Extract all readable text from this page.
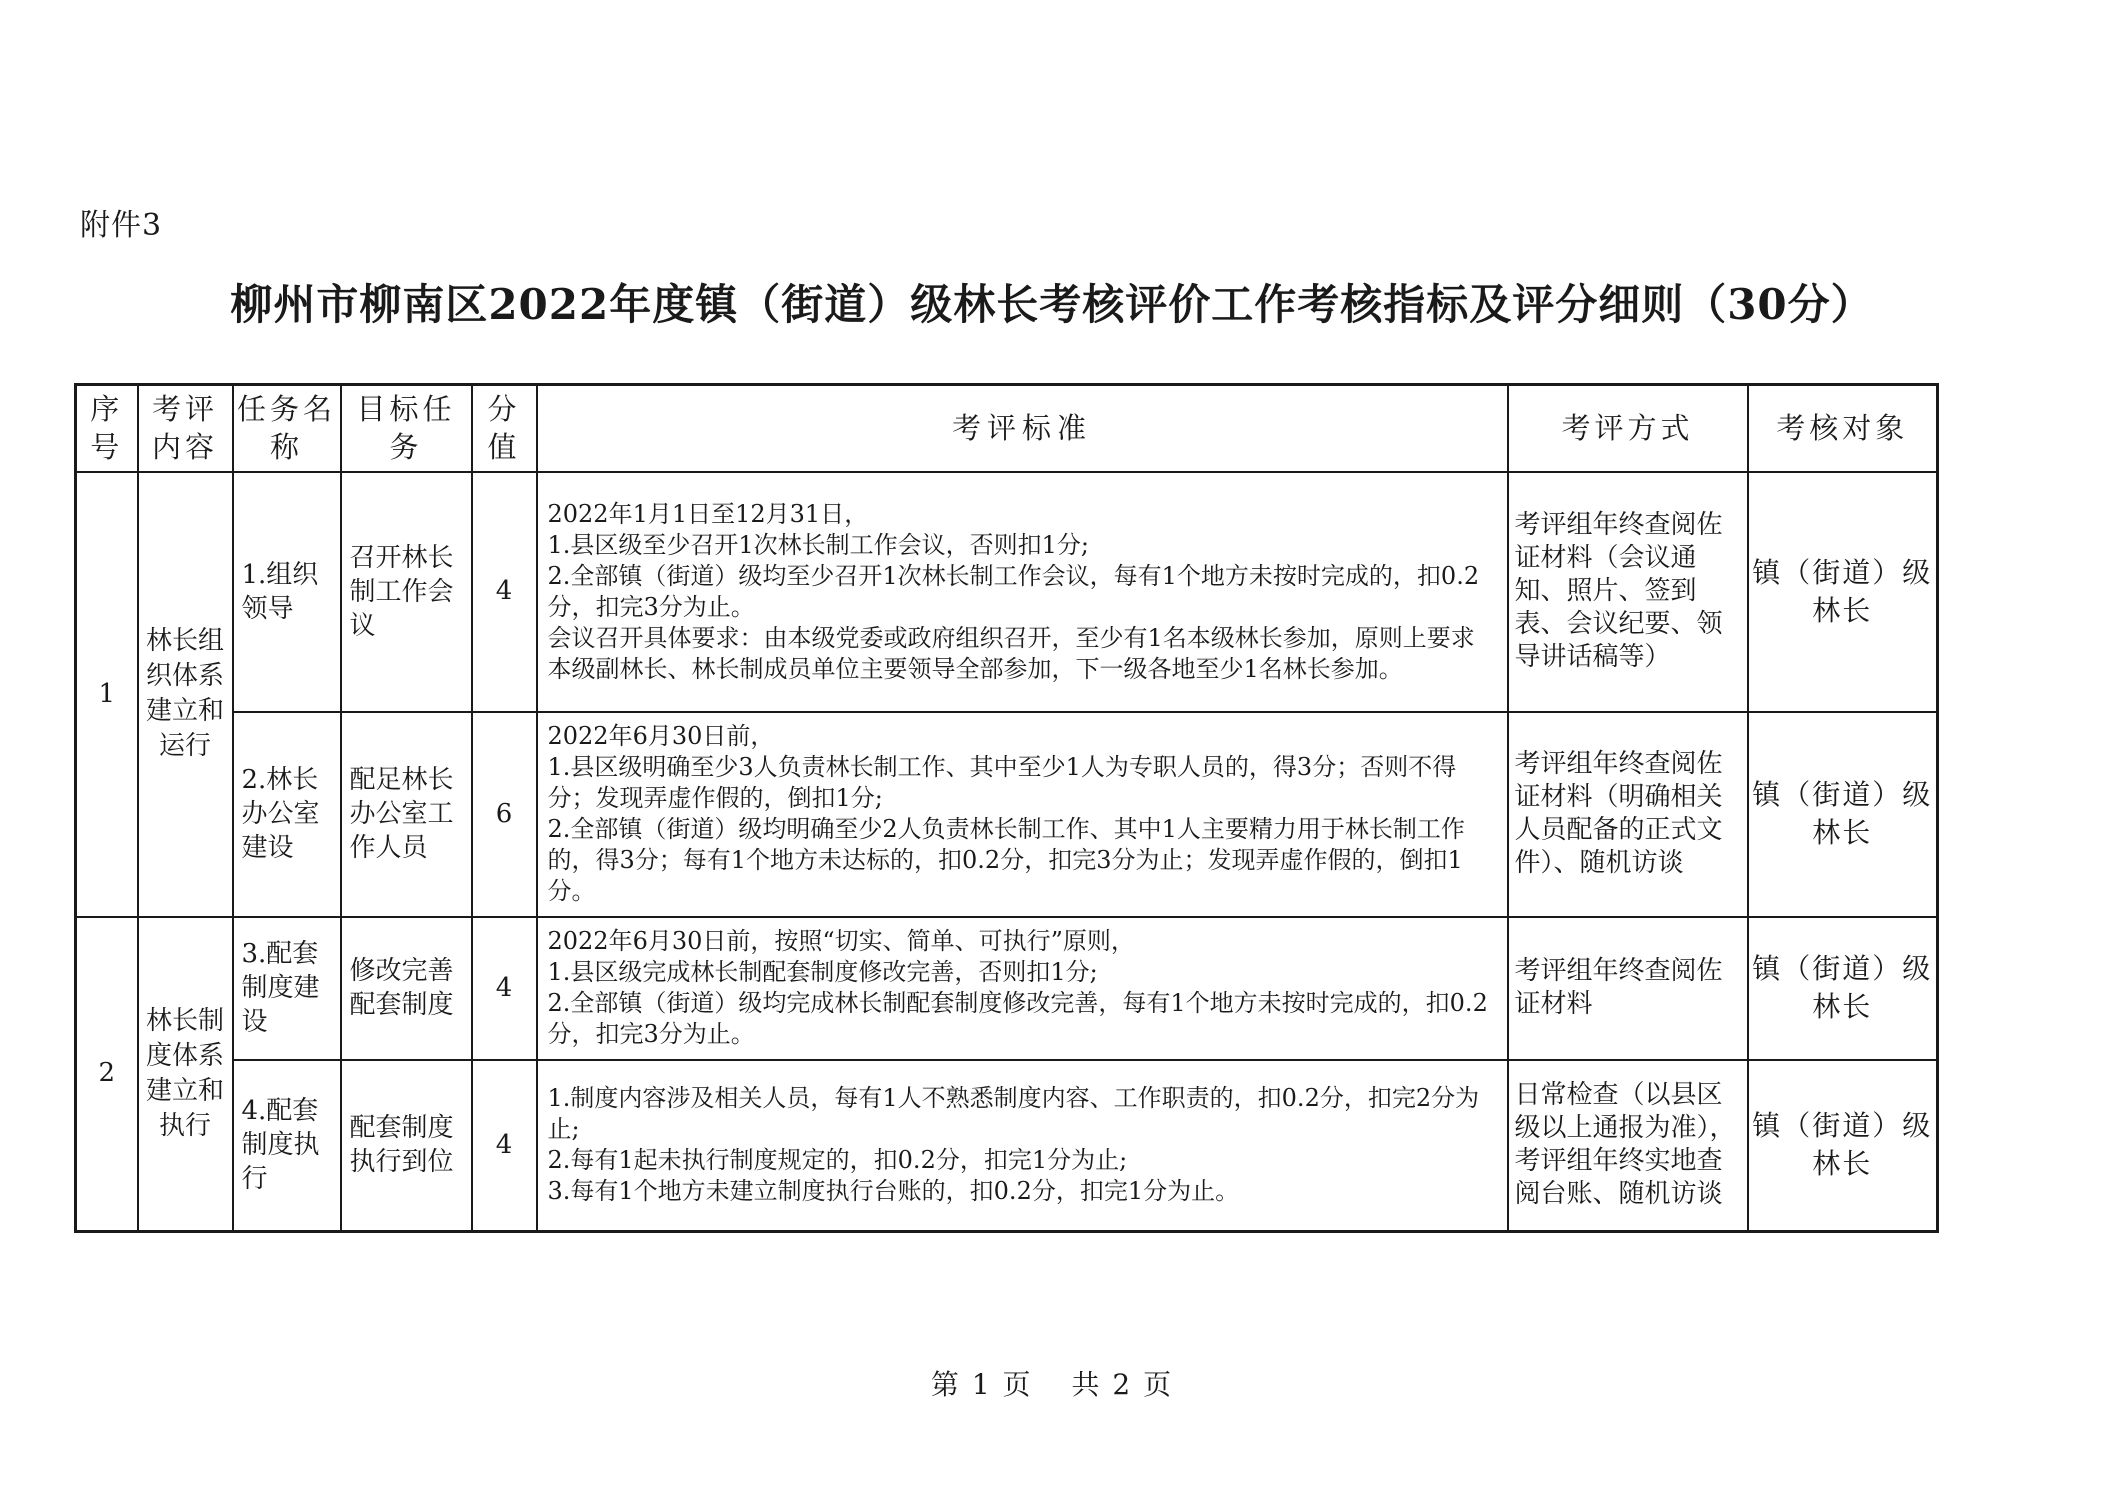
附件3
柳州市柳南区2022年度镇（街道）级林长考核评价工作考核指标及评分细则（30分）
序号	考评内容	任务名称	目标任务	分值	考评标准	考评方式	考核对象
1	林长组织体系建立和运行	1.组织领导	召开林长制工作会议	4	2022年1月1日至12月31日，
1.县区级至少召开1次林长制工作会议，否则扣1分;
2.全部镇（街道）级均至少召开1次林长制工作会议，每有1个地方未按时完成的，扣0.2分，扣完3分为止。
会议召开具体要求：由本级党委或政府组织召开，至少有1名本级林长参加，原则上要求本级副林长、林长制成员单位主要领导全部参加，下一级各地至少1名林长参加。	考评组年终查阅佐证材料（会议通知、照片、签到表、会议纪要、领导讲话稿等）	镇（街道）级林长
		2.林长办公室建设	配足林长办公室工作人员	6	2022年6月30日前，
1.县区级明确至少3人负责林长制工作、其中至少1人为专职人员的，得3分；否则不得分；发现弄虚作假的，倒扣1分;
2.全部镇（街道）级均明确至少2人负责林长制工作、其中1人主要精力用于林长制工作的，得3分；每有1个地方未达标的，扣0.2分，扣完3分为止；发现弄虚作假的，倒扣1分。	考评组年终查阅佐证材料（明确相关人员配备的正式文件）、随机访谈	镇（街道）级林长
2	林长制度体系建立和执行	3.配套制度建设	修改完善配套制度	4	2022年6月30日前，按照“切实、简单、可执行”原则，
1.县区级完成林长制配套制度修改完善，否则扣1分;
2.全部镇（街道）级均完成林长制配套制度修改完善，每有1个地方未按时完成的，扣0.2分，扣完3分为止。	考评组年终查阅佐证材料	镇（街道）级林长
		4.配套制度执行	配套制度执行到位	4	1.制度内容涉及相关人员，每有1人不熟悉制度内容、工作职责的，扣0.2分，扣完2分为止;
2.每有1起未执行制度规定的，扣0.2分，扣完1分为止;
3.每有1个地方未建立制度执行台账的，扣0.2分，扣完1分为止。	日常检查（以县区级以上通报为准），考评组年终实地查阅台账、随机访谈	镇（街道）级林长
第 1 页 共 2 页
